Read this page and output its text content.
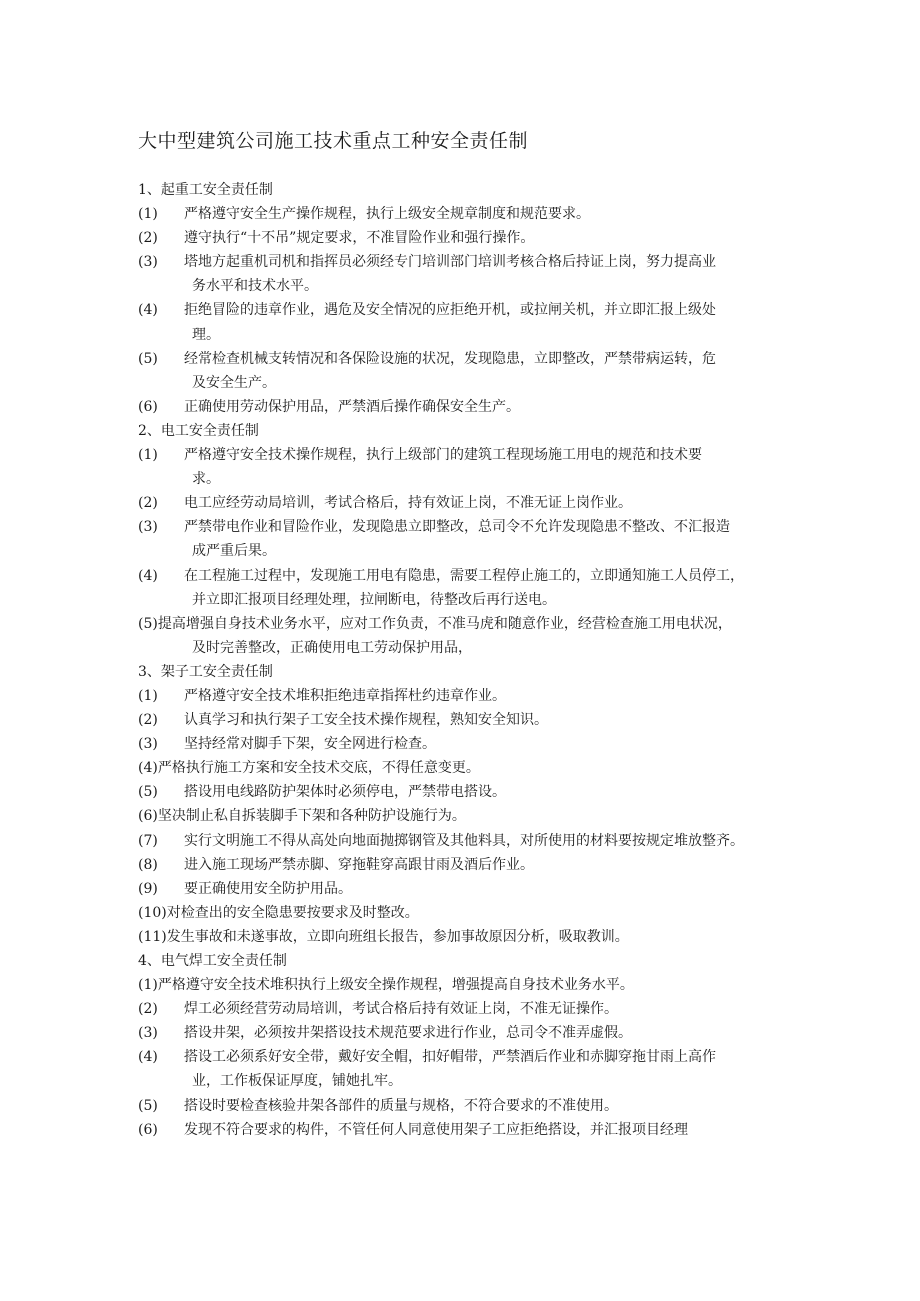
大中型建筑公司施工技术重点工种安全责任制
1、起重工安全责任制
(1) 严格遵守安全生产操作规程，执行上级安全规章制度和规范要求。
(2) 遵守执行“十不吊”规定要求，不准冒险作业和强行操作。
(3) 塔地方起重机司机和指挥员必须经专门培训部门培训考核合格后持证上岗，努力提高业
务水平和技术水平。
(4) 拒绝冒险的违章作业，遇危及安全情况的应拒绝开机，或拉闸关机，并立即汇报上级处
理。
(5) 经常检查机械支转情况和各保险设施的状况，发现隐患，立即整改，严禁带病运转，危
及安全生产。
(6) 正确使用劳动保护用品，严禁酒后操作确保安全生产。
2、电工安全责任制
(1) 严格遵守安全技术操作规程，执行上级部门的建筑工程现场施工用电的规范和技术要
求。
(2) 电工应经劳动局培训，考试合格后，持有效证上岗，不准无证上岗作业。
(3) 严禁带电作业和冒险作业，发现隐患立即整改，总司令不允许发现隐患不整改、不汇报造
成严重后果。
(4) 在工程施工过程中，发现施工用电有隐患，需要工程停止施工的，立即通知施工人员停工，
并立即汇报项目经理处理，拉闸断电，待整改后再行送电。
(5)提高增强自身技术业务水平，应对工作负责，不准马虎和随意作业，经营检查施工用电状况，
及时完善整改，正确使用电工劳动保护用品，
3、架子工安全责任制
(1) 严格遵守安全技术堆积拒绝违章指挥杜约违章作业。
(2) 认真学习和执行架子工安全技术操作规程，熟知安全知识。
(3) 坚持经常对脚手下架，安全网进行检查。
(4)严格执行施工方案和安全技术交底，不得任意变更。
(5) 搭设用电线路防护架体时必须停电，严禁带电搭设。
(6)坚决制止私自拆装脚手下架和各种防护设施行为。
(7) 实行文明施工不得从高处向地面抛掷钢管及其他料具，对所使用的材料要按规定堆放整齐。
(8) 进入施工现场严禁赤脚、穿拖鞋穿高跟甘雨及酒后作业。
(9) 要正确使用安全防护用品。
(10)对检查出的安全隐患要按要求及时整改。
(11)发生事故和未遂事故，立即向班组长报告，参加事故原因分析，吸取教训。
4、电气焊工安全责任制
(1)严格遵守安全技术堆积执行上级安全操作规程，增强提高自身技术业务水平。
(2) 焊工必须经营劳动局培训，考试合格后持有效证上岗，不准无证操作。
(3) 搭设井架，必须按井架搭设技术规范要求进行作业，总司令不准弄虚假。
(4) 搭设工必须系好安全带，戴好安全帽，扣好帽带，严禁酒后作业和赤脚穿拖甘雨上高作
业，工作板保证厚度，铺她扎牢。
(5) 搭设时要检查核验井架各部件的质量与规格，不符合要求的不准使用。
(6) 发现不符合要求的构件，不管任何人同意使用架子工应拒绝搭设，并汇报项目经理
